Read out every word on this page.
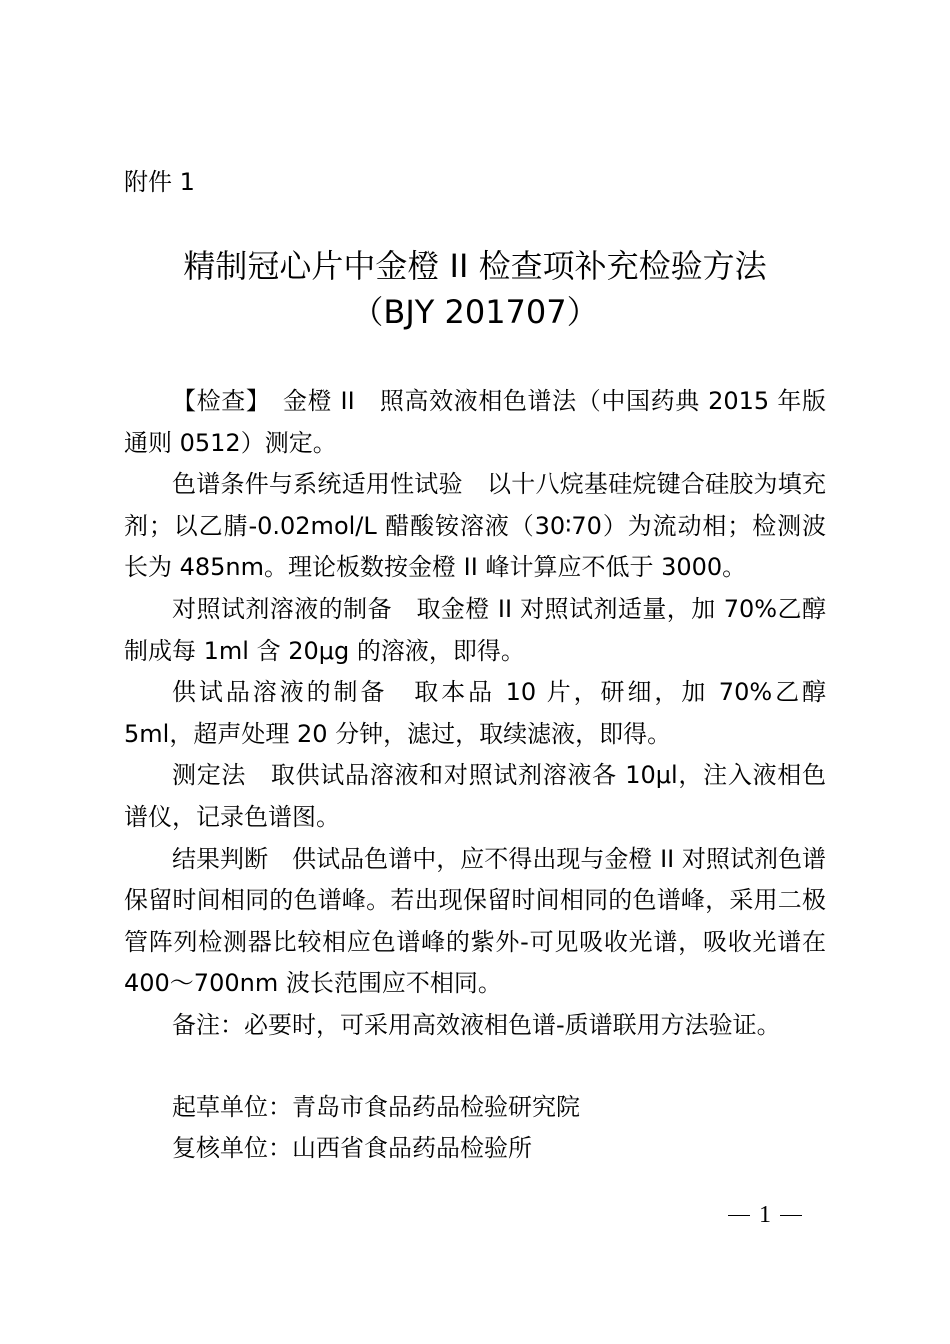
附件 1

精制冠心片中金橙 II 检查项补充检验方法
（BJY 201707）

【检查】　金橙 II　照高效液相色谱法（中国药典 2015 年版通则 0512）测定。

色谱条件与系统适用性试验　以十八烷基硅烷键合硅胶为填充剂；以乙腈-0.02mol/L 醋酸铵溶液（30∶70）为流动相；检测波长为 485nm。理论板数按金橙 II 峰计算应不低于 3000。

对照试剂溶液的制备　取金橙 II 对照试剂适量，加 70%乙醇制成每 1ml 含 20μg 的溶液，即得。

供试品溶液的制备　取本品 10 片，研细，加 70%乙醇 5ml，超声处理 20 分钟，滤过，取续滤液，即得。

测定法　取供试品溶液和对照试剂溶液各 10μl，注入液相色谱仪，记录色谱图。

结果判断　供试品色谱中，应不得出现与金橙 II 对照试剂色谱保留时间相同的色谱峰。若出现保留时间相同的色谱峰，采用二极管阵列检测器比较相应色谱峰的紫外-可见吸收光谱，吸收光谱在 400～700nm 波长范围应不相同。

备注：必要时，可采用高效液相色谱-质谱联用方法验证。

起草单位：青岛市食品药品检验研究院

复核单位：山西省食品药品检验所

1
